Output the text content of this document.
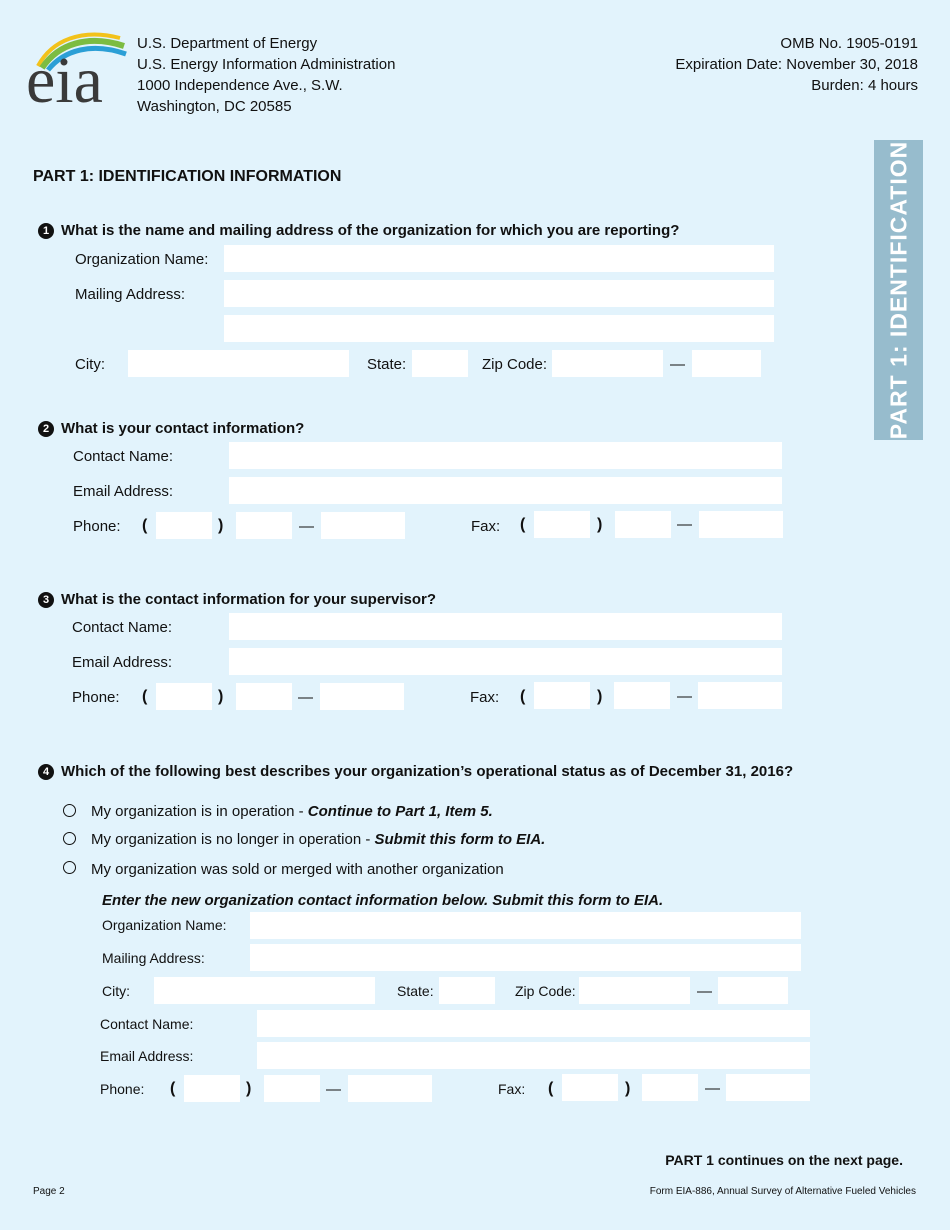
eia
U.S. Department of Energy
U.S. Energy Information Administration
1000 Independence Ave., S.W.
Washington, DC 20585
OMB No. 1905-0191
Expiration Date: November 30, 2018
Burden: 4 hours
PART 1: IDENTIFICATION
PART 1: IDENTIFICATION INFORMATION
1 What is the name and mailing address of the organization for which you are reporting?
Organization Name:
Mailing Address:
City:	State:	Zip Code:	—
2 What is your contact information?
Contact Name:
Email Address:
Phone: (	)	—	Fax: (	)	—
3 What is the contact information for your supervisor?
Contact Name:
Email Address:
Phone: (	)	—	Fax: (	)	—
4 Which of the following best describes your organization’s operational status as of December 31, 2016?
My organization is in operation - Continue to Part 1, Item 5.
My organization is no longer in operation - Submit this form to EIA.
My organization was sold or merged with another organization
Enter the new organization contact information below. Submit this form to EIA.
Organization Name:
Mailing Address:
City:	State:	Zip Code:	—
Contact Name:
Email Address:
Phone: (	)	—	Fax: (	)	—
PART 1 continues on the next page.
Page 2	Form EIA-886, Annual Survey of Alternative Fueled Vehicles
